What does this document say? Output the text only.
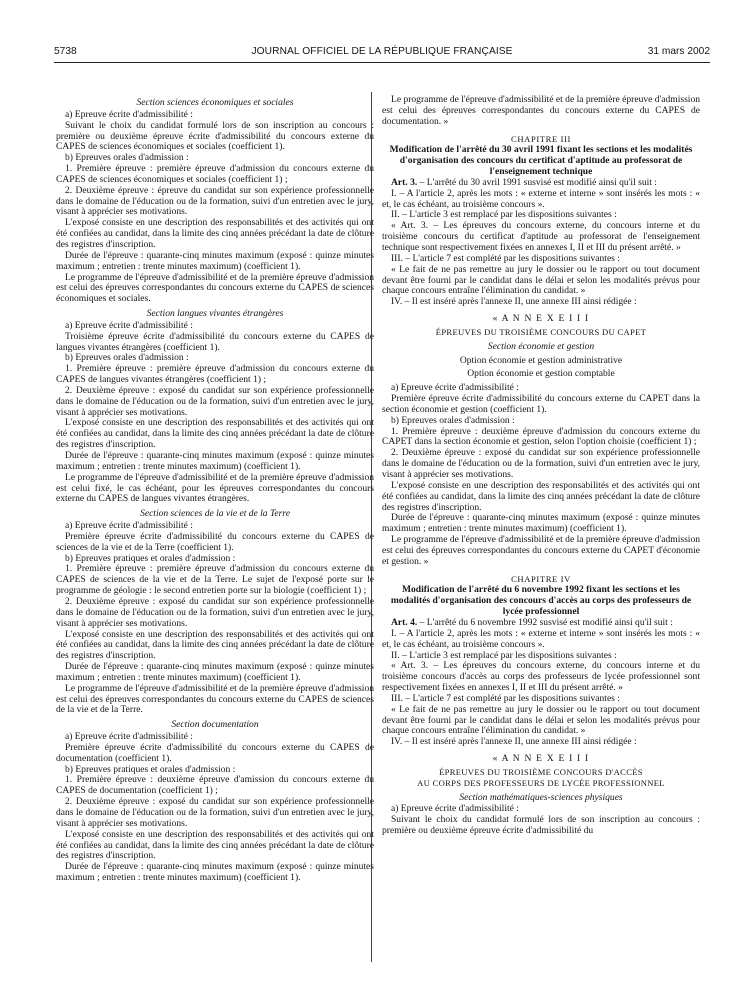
5738	JOURNAL OFFICIEL DE LA RÉPUBLIQUE FRANÇAISE	31 mars 2002

Section sciences économiques et sociales

a) Epreuve écrite d'admissibilité :

Suivant le choix du candidat formulé lors de son inscription au concours : première ou deuxième épreuve écrite d'admissibilité du concours externe du CAPES de sciences économiques et sociales (coefficient 1).

b) Epreuves orales d'admission :

1. Première épreuve : première épreuve d'admission du concours externe du CAPES de sciences économiques et sociales (coefficient 1) ;

2. Deuxième épreuve : épreuve du candidat sur son expérience professionnelle dans le domaine de l'éducation ou de la formation, suivi d'un entretien avec le jury, visant à apprécier ses motivations.

L'exposé consiste en une description des responsabilités et des activités qui ont été confiées au candidat, dans la limite des cinq années précédant la date de clôture des registres d'inscription.

Durée de l'épreuve : quarante-cinq minutes maximum (exposé : quinze minutes maximum ; entretien : trente minutes maximum) (coefficient 1).

Le programme de l'épreuve d'admissibilité et de la première épreuve d'admission est celui des épreuves correspondantes du concours externe du CAPES de sciences économiques et sociales.

Section langues vivantes étrangères

a) Epreuve écrite d'admissibilité :

Troisième épreuve écrite d'admissibilité du concours externe du CAPES de langues vivantes étrangères (coefficient 1).

b) Epreuves orales d'admission :

1. Première épreuve : première épreuve d'admission du concours externe du CAPES de langues vivantes étrangères (coefficient 1) ;

2. Deuxième épreuve : exposé du candidat sur son expérience professionnelle dans le domaine de l'éducation ou de la formation, suivi d'un entretien avec le jury, visant à apprécier ses motivations.

L'exposé consiste en une description des responsabilités et des activités qui ont été confiées au candidat, dans la limite des cinq années précédant la date de clôture des registres d'inscription.

Durée de l'épreuve : quarante-cinq minutes maximum (exposé : quinze minutes maximum ; entretien : trente minutes maximum) (coefficient 1).

Le programme de l'épreuve d'admissibilité et de la première épreuve d'admission est celui fixé, le cas échéant, pour les épreuves correspondantes du concours externe du CAPES de langues vivantes étrangères.

Section sciences de la vie et de la Terre

a) Epreuve écrite d'admissibilité :

Première épreuve écrite d'admissibilité du concours externe du CAPES de sciences de la vie et de la Terre (coefficient 1).

b) Epreuves pratiques et orales d'admission :

1. Première épreuve : première épreuve d'admission du concours externe du CAPES de sciences de la vie et de la Terre. Le sujet de l'exposé porte sur le programme de géologie : le second entretien porte sur la biologie (coefficient 1) ;

2. Deuxième épreuve : exposé du candidat sur son expérience professionnelle dans le domaine de l'éducation ou de la formation, suivi d'un entretien avec le jury, visant à apprécier ses motivations.

L'exposé consiste en une description des responsabilités et des activités qui ont été confiées au candidat, dans la limite des cinq années précédant la date de clôture des registres d'inscription.

Durée de l'épreuve : quarante-cinq minutes maximum (exposé : quinze minutes maximum ; entretien : trente minutes maximum) (coefficient 1).

Le programme de l'épreuve d'admissibilité et de la première épreuve d'admission est celui des épreuves correspondantes du concours externe du CAPES de sciences de la vie et de la Terre.

Section documentation

a) Epreuve écrite d'admissibilité :

Première épreuve écrite d'admissibilité du concours externe du CAPES de documentation (coefficient 1).

b) Epreuves pratiques et orales d'admission :

1. Première épreuve : deuxième épreuve d'amission du concours externe du CAPES de documentation (coefficient 1) ;

2. Deuxième épreuve : exposé du candidat sur son expérience professionnelle dans le domaine de l'éducation ou de la formation, suivi d'un entretien avec le jury, visant à apprécier ses motivations.

L'exposé consiste en une description des responsabilités et des activités qui ont été confiées au candidat, dans la limite des cinq années précédant la date de clôture des registres d'inscription.

Durée de l'épreuve : quarante-cinq minutes maximum (exposé : quinze minutes maximum ; entretien : trente minutes maximum) (coefficient 1).

Le programme de l'épreuve d'admissibilité et de la première épreuve d'admission est celui des épreuves correspondantes du concours externe du CAPES de documentation. »

CHAPITRE III

Modification de l'arrêté du 30 avril 1991 fixant les sections et les modalités d'organisation des concours du certificat d'aptitude au professorat de l'enseignement technique

Art. 3. – L'arrêté du 30 avril 1991 susvisé est modifié ainsi qu'il suit :

I. – A l'article 2, après les mots : « externe et interne » sont insérés les mots : « et, le cas échéant, au troisième concours ».

II. – L'article 3 est remplacé par les dispositions suivantes :

« Art. 3. – Les épreuves du concours externe, du concours interne et du troisième concours du certificat d'aptitude au professorat de l'enseignement technique sont respectivement fixées en annexes I, II et III du présent arrêté. »

III. – L'article 7 est complété par les dispositions suivantes :

« Le fait de ne pas remettre au jury le dossier ou le rapport ou tout document devant être fourni par le candidat dans le délai et selon les modalités prévus pour chaque concours entraîne l'élimination du candidat. »

IV. – Il est inséré après l'annexe II, une annexe III ainsi rédigée :

« A N N E X E I I I

ÉPREUVES DU TROISIÈME CONCOURS DU CAPET

Section économie et gestion

Option économie et gestion administrative

Option économie et gestion comptable

a) Epreuve écrite d'admissibilité :

Première épreuve écrite d'admissibilité du concours externe du CAPET dans la section économie et gestion (coefficient 1).

b) Epreuves orales d'admission :

1. Première épreuve : deuxième épreuve d'admission du concours externe du CAPET dans la section économie et gestion, selon l'option choisie (coefficient 1) ;

2. Deuxième épreuve : exposé du candidat sur son expérience professionnelle dans le domaine de l'éducation ou de la formation, suivi d'un entretien avec le jury, visant à apprécier ses motivations.

L'exposé consiste en une description des responsabilités et des activités qui ont été confiées au candidat, dans la limite des cinq années précédant la date de clôture des registres d'inscription.

Durée de l'épreuve : quarante-cinq minutes maximum (exposé : quinze minutes maximum ; entretien : trente minutes maximum) (coefficient 1).

Le programme de l'épreuve d'admissibilité et de la première épreuve d'admission est celui des épreuves correspondantes du concours externe du CAPET d'économie et gestion. »

CHAPITRE IV

Modification de l'arrêté du 6 novembre 1992 fixant les sections et les modalités d'organisation des concours d'accès au corps des professeurs de lycée professionnel

Art. 4. – L'arrêté du 6 novembre 1992 susvisé est modifié ainsi qu'il suit :

I. – A l'article 2, après les mots : « externe et interne » sont insérés les mots : « et, le cas échéant, au troisième concours ».

II. – L'article 3 est remplacé par les dispositions suivantes :

« Art. 3. – Les épreuves du concours externe, du concours interne et du troisième concours d'accès au corps des professeurs de lycée professionnel sont respectivement fixées en annexes I, II et III du présent arrêté. »

III. – L'article 7 est complété par les dispositions suivantes :

« Le fait de ne pas remettre au jury le dossier ou le rapport ou tout document devant être fourni par le candidat dans le délai et selon les modalités prévus pour chaque concours entraîne l'élimination du candidat. »

IV. – Il est inséré après l'annexe II, une annexe III ainsi rédigée :

« A N N E X E I I I

ÉPREUVES DU TROISIÈME CONCOURS D'ACCÈS

AU CORPS DES PROFESSEURS DE LYCÉE PROFESSIONNEL

Section mathématiques-sciences physiques

a) Epreuve écrite d'admissibilité :

Suivant le choix du candidat formulé lors de son inscription au concours : première ou deuxième épreuve écrite d'admissibilité du
